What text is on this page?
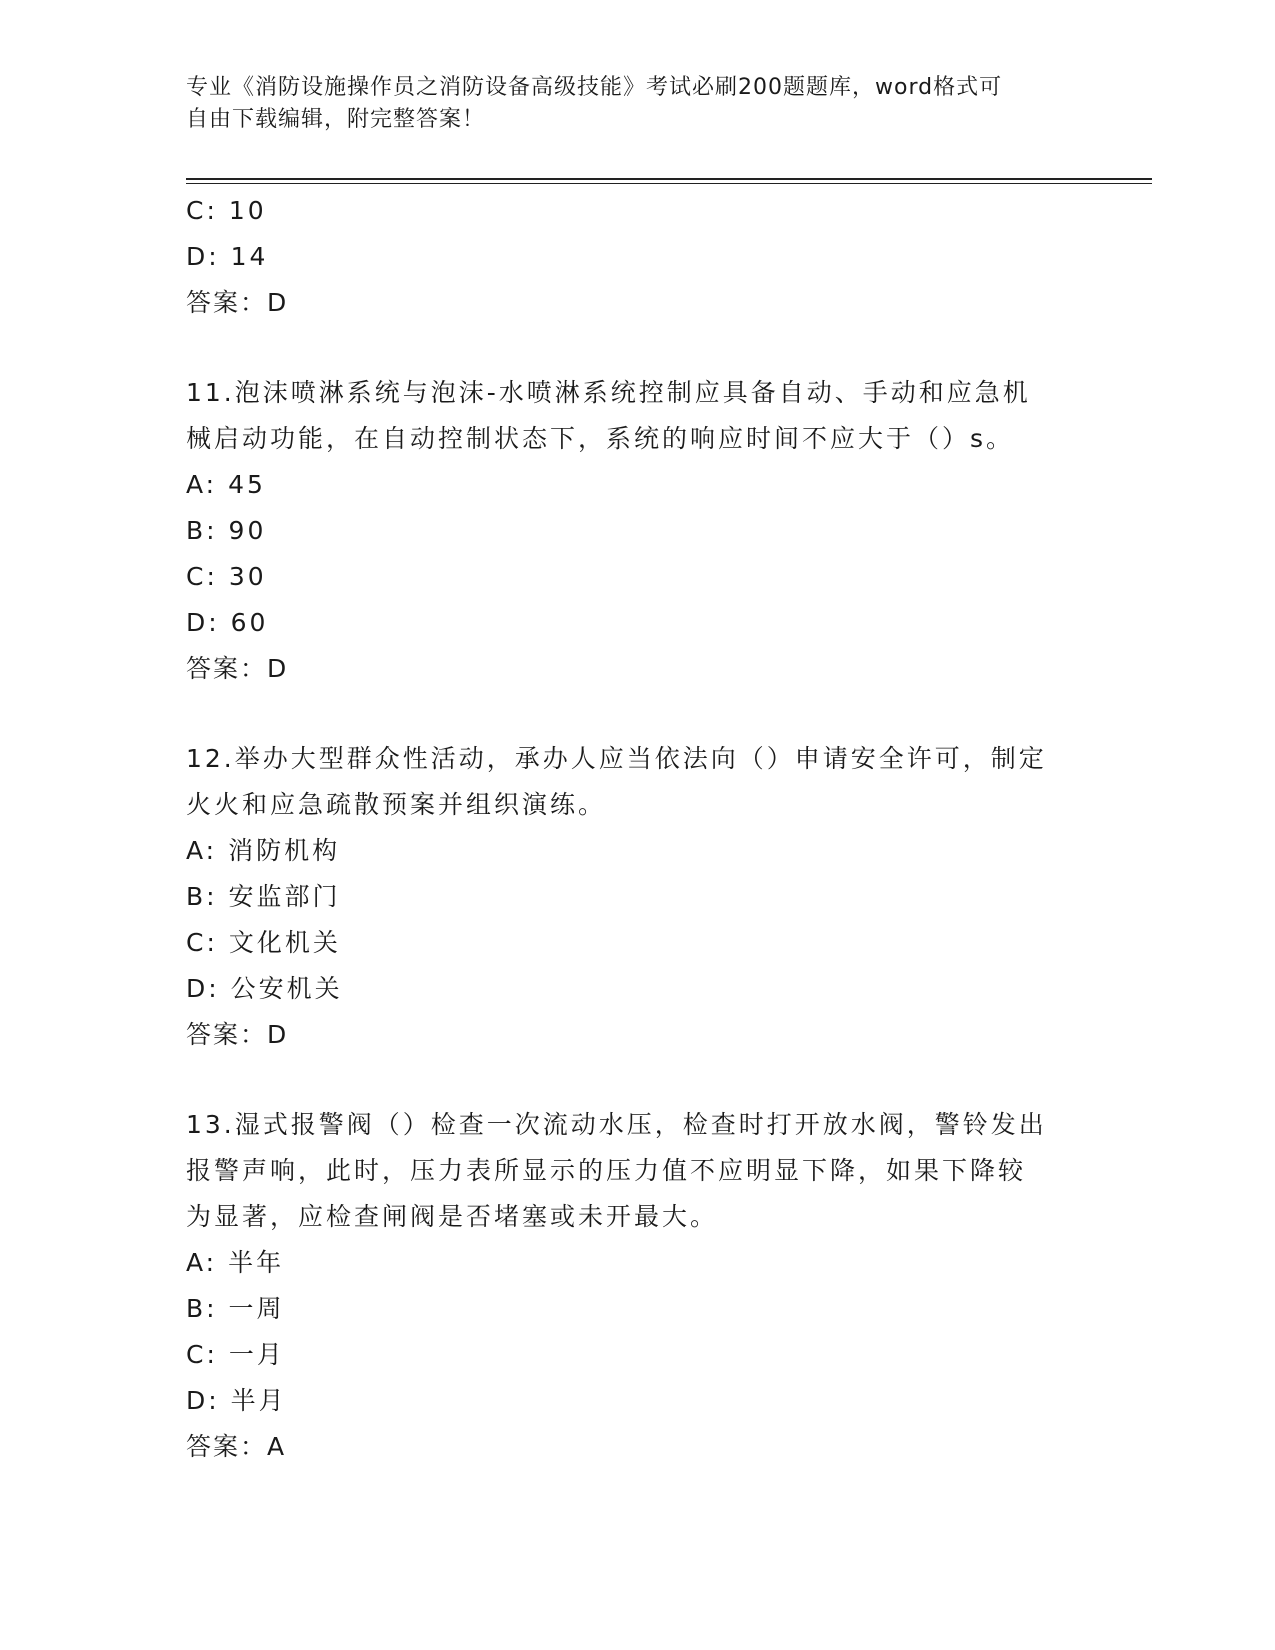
专业《消防设施操作员之消防设备高级技能》考试必刷200题题库，word格式可
自由下载编辑，附完整答案！
C: 10
D: 14
答案：D
11.泡沫喷淋系统与泡沫-水喷淋系统控制应具备自动、手动和应急机
械启动功能，在自动控制状态下，系统的响应时间不应大于（）s。
A: 45
B: 90
C: 30
D: 60
答案：D
12.举办大型群众性活动，承办人应当依法向（）申请安全许可，制定
火火和应急疏散预案并组织演练。
A: 消防机构
B: 安监部门
C: 文化机关
D: 公安机关
答案：D
13.湿式报警阀（）检查一次流动水压，检查时打开放水阀，警铃发出
报警声响，此时，压力表所显示的压力值不应明显下降，如果下降较
为显著，应检查闸阀是否堵塞或未开最大。
A: 半年
B: 一周
C: 一月
D: 半月
答案：A
